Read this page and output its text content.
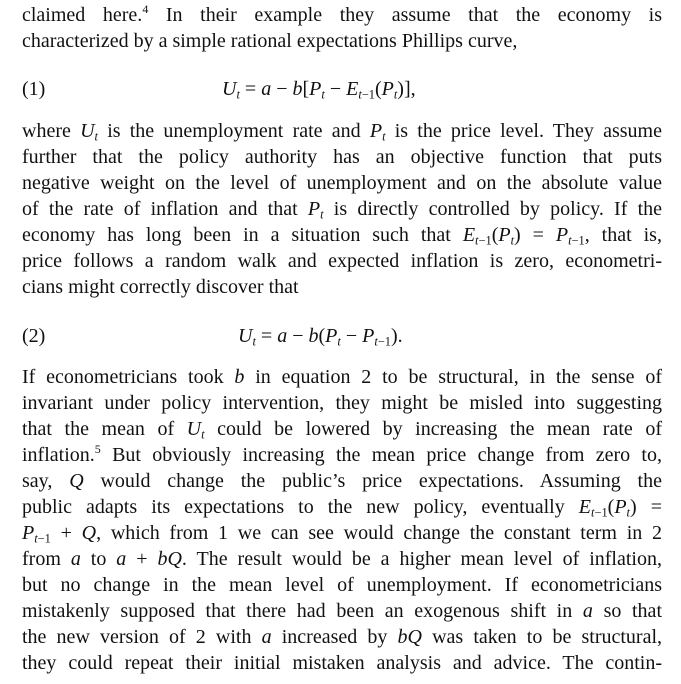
claimed here.$^4$ In their example they assume that the economy is
characterized by a simple rational expectations Phillips curve,
(1)	$U_t = a - b[P_t - E_{t-1}(P_t)]$,
where $U_t$ is the unemployment rate and $P_t$ is the price level. They assume
further that the policy authority has an objective function that puts
negative weight on the level of unemployment and on the absolute value
of the rate of inflation and that $P_t$ is directly controlled by policy. If the
economy has long been in a situation such that $E_{t-1}(P_t) = P_{t-1}$, that is,
price follows a random walk and expected inflation is zero, econometri-
cians might correctly discover that
(2)	$U_t = a - b(P_t - P_{t-1})$.
If econometricians took b in equation 2 to be structural, in the sense of
invariant under policy intervention, they might be misled into suggesting
that the mean of $U_t$ could be lowered by increasing the mean rate of
inflation.$^5$ But obviously increasing the mean price change from zero to,
say, Q would change the public’s price expectations. Assuming the
public adapts its expectations to the new policy, eventually $E_{t-1}(P_t)$ =
$P_{t-1} + Q$, which from 1 we can see would change the constant term in 2
from a to a + bQ. The result would be a higher mean level of inflation,
but no change in the mean level of unemployment. If econometricians
mistakenly supposed that there had been an exogenous shift in a so that
the new version of 2 with a increased by bQ was taken to be structural,
they could repeat their initial mistaken analysis and advice. The contin-
